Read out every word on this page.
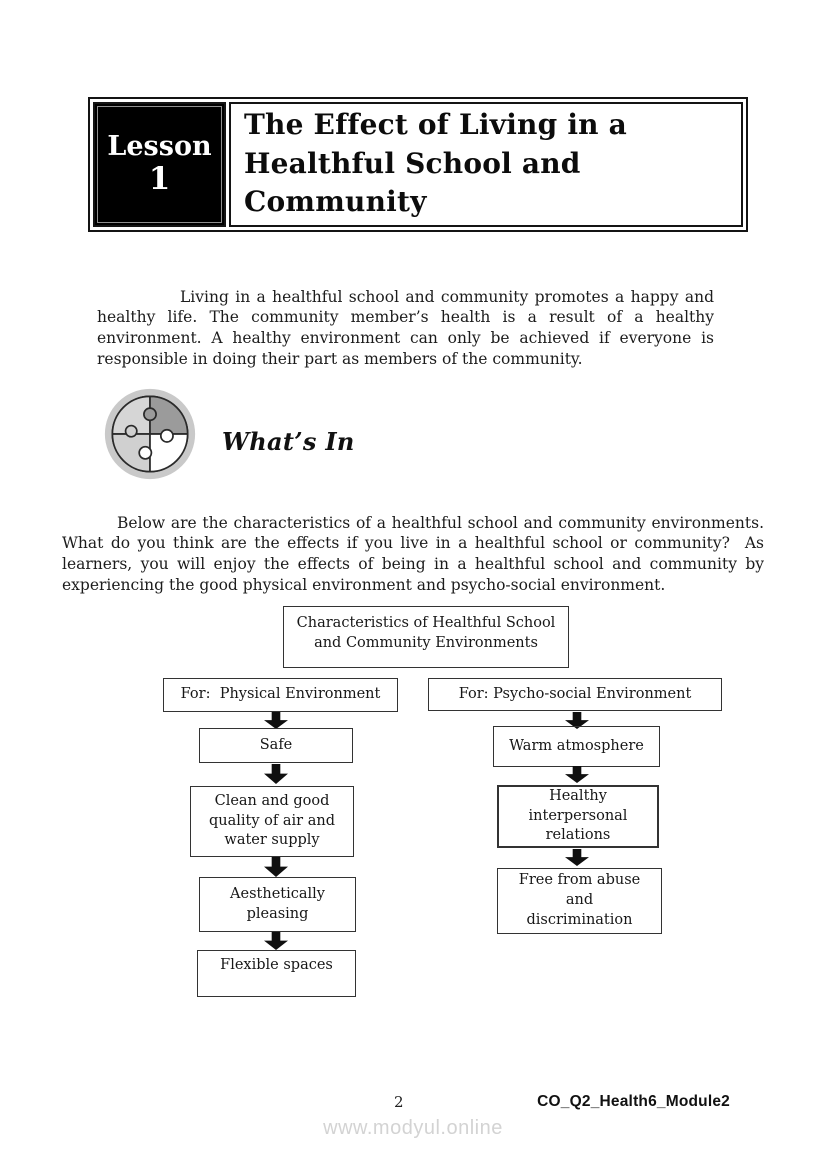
Lesson
1
The Effect of Living in a Healthful School and Community

Living in a healthful school and community promotes a happy and healthy life. The community member’s health is a result of a healthy environment. A healthy environment can only be achieved if everyone is responsible in doing their part as members of the community.

What’s In

Below are the characteristics of a healthful school and community environments. What do you think are the effects if you live in a healthful school or community?  As learners, you will enjoy the effects of being in a healthful school and community by experiencing the good physical environment and psycho-social environment.

Characteristics of Healthful School and Community Environments
For:  Physical Environment	For: Psycho-social Environment
Safe
Clean and good quality of air and water supply
Aesthetically pleasing
Flexible spaces
Warm atmosphere
Healthy interpersonal relations
Free from abuse and discrimination
2	CO_Q2_Health6_Module2
www.modyul.online
